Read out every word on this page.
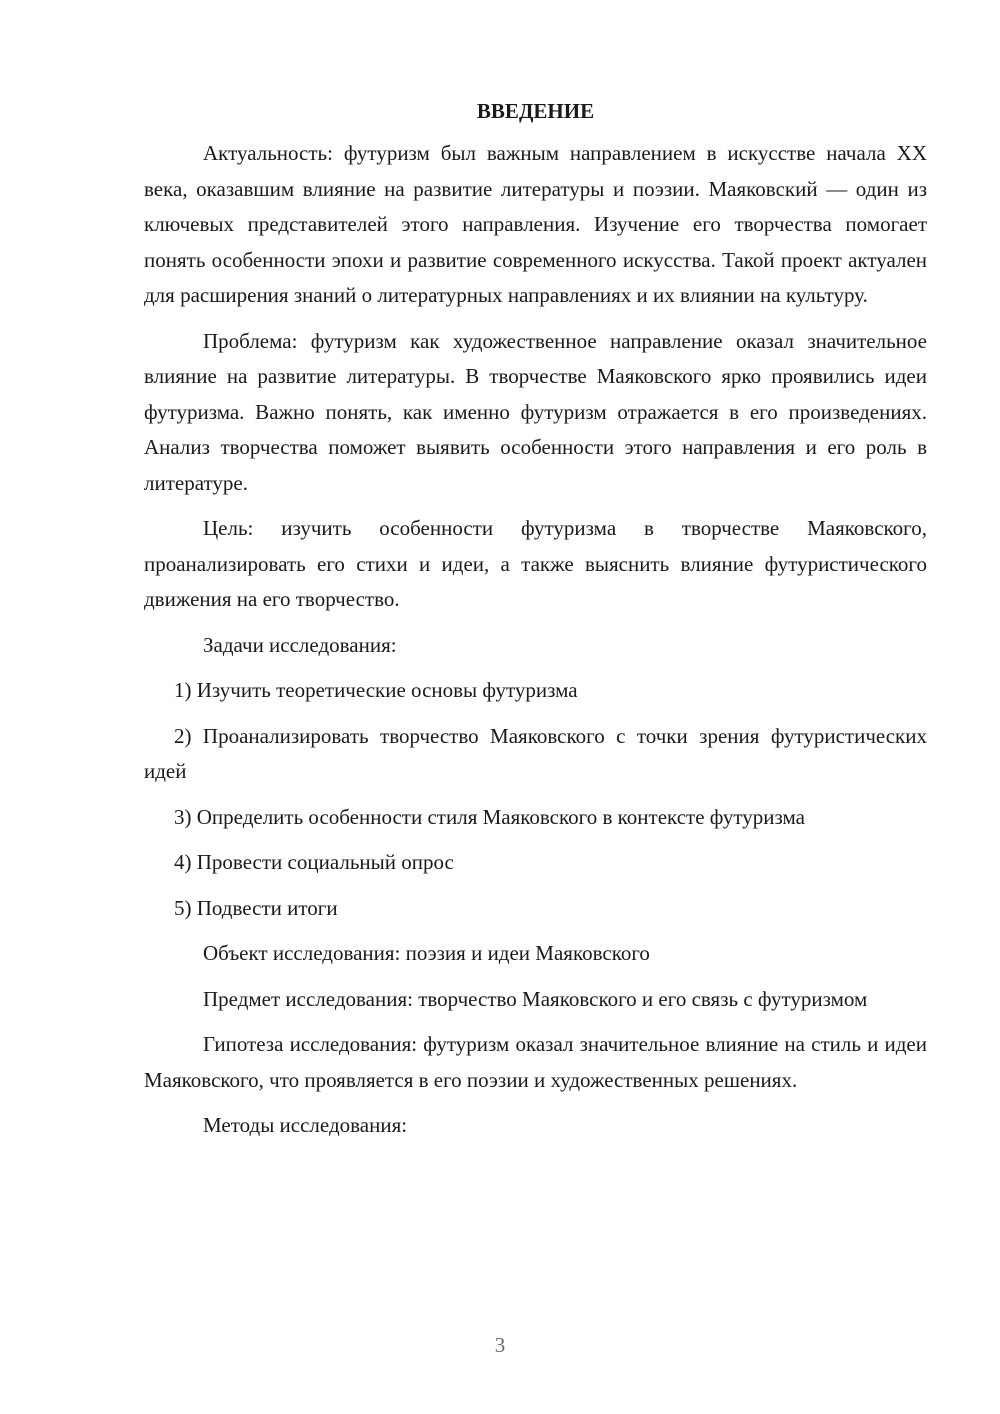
ВВЕДЕНИЕ

Актуальность: футуризм был важным направлением в искусстве начала XX века, оказавшим влияние на развитие литературы и поэзии. Маяковский — один из ключевых представителей этого направления. Изучение его творчества помогает понять особенности эпохи и развитие современного искусства. Такой проект актуален для расширения знаний о литературных направлениях и их влиянии на культуру.

Проблема: футуризм как художественное направление оказал значительное влияние на развитие литературы. В творчестве Маяковского ярко проявились идеи футуризма. Важно понять, как именно футуризм отражается в его произведениях. Анализ творчества поможет выявить особенности этого направления и его роль в литературе.

Цель: изучить особенности футуризма в творчестве Маяковского, проанализировать его стихи и идеи, а также выяснить влияние футуристического движения на его творчество.

Задачи исследования:

1) Изучить теоретические основы футуризма

2) Проанализировать творчество Маяковского с точки зрения футуристических идей

3) Определить особенности стиля Маяковского в контексте футуризма

4) Провести социальный опрос

5) Подвести итоги

Объект исследования: поэзия и идеи Маяковского

Предмет исследования: творчество Маяковского и его связь с футуризмом

Гипотеза исследования: футуризм оказал значительное влияние на стиль и идеи Маяковского, что проявляется в его поэзии и художественных решениях.

Методы исследования:

3
